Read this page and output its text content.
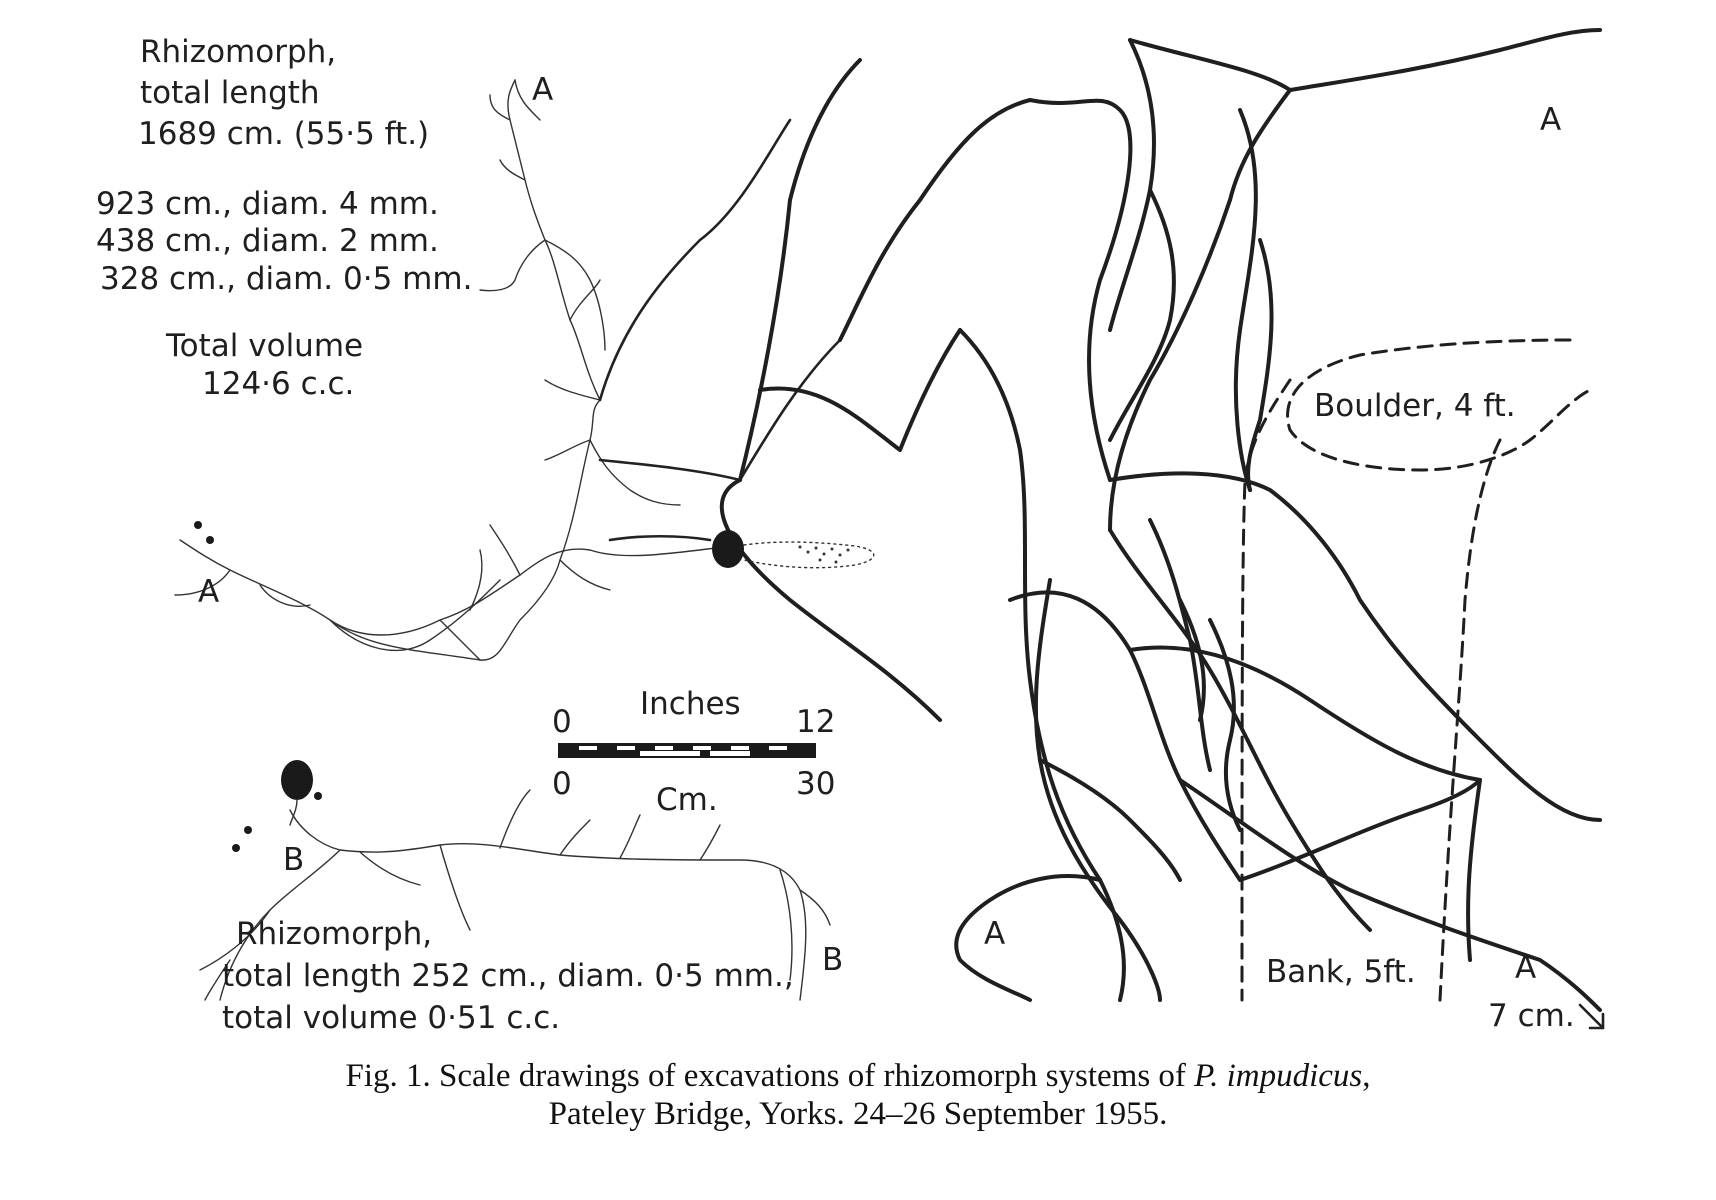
Rhizomorph,
total length
1689 cm. (55·5 ft.)
923 cm., diam. 4 mm.
438 cm., diam. 2 mm.
328 cm., diam. 0·5 mm.
Total volume
124·6 c.c.
A
A
A
A
A
7 cm.
B
B
0 Inches 12
0	Cm.	30
Boulder, 4 ft.
Bank, 5ft.
Rhizomorph,
total length 252 cm., diam. 0·5 mm.,
total volume 0·51 c.c.
Fig. 1. Scale drawings of excavations of rhizomorph systems of P. impudicus,
Pateley Bridge, Yorks. 24–26 September 1955.
